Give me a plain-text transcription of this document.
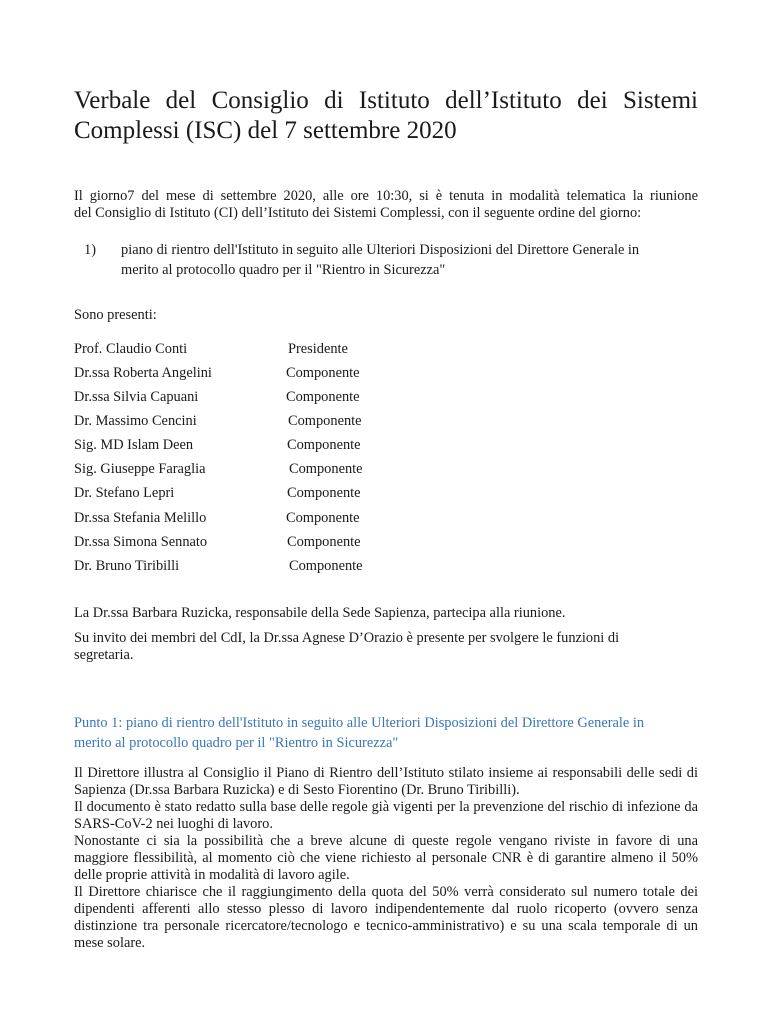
Verbale del Consiglio di Istituto dell’Istituto dei Sistemi
Complessi (ISC) del 7 settembre 2020
Il giorno7 del mese di settembre 2020, alle ore 10:30, si è tenuta in modalità telematica la riunione
del Consiglio di Istituto (CI) dell’Istituto dei Sistemi Complessi, con il seguente ordine del giorno:
1) piano di rientro dell'Istituto in seguito alle Ulteriori Disposizioni del Direttore Generale in
merito al protocollo quadro per il "Rientro in Sicurezza"
Sono presenti:
Prof. Claudio Conti	Presidente
Dr.ssa Roberta Angelini	Componente
Dr.ssa Silvia Capuani	Componente
Dr. Massimo Cencini	Componente
Sig. MD Islam Deen	Componente
Sig. Giuseppe Faraglia	Componente
Dr. Stefano Lepri	Componente
Dr.ssa Stefania Melillo	Componente
Dr.ssa Simona Sennato	Componente
Dr. Bruno Tiribilli	Componente
La Dr.ssa Barbara Ruzicka, responsabile della Sede Sapienza, partecipa alla riunione.
Su invito dei membri del CdI, la Dr.ssa Agnese D’Orazio è presente per svolgere le funzioni di
segretaria.
Punto 1: piano di rientro dell'Istituto in seguito alle Ulteriori Disposizioni del Direttore Generale in
merito al protocollo quadro per il "Rientro in Sicurezza"

Il Direttore illustra al Consiglio il Piano di Rientro dell’Istituto stilato insieme ai responsabili delle sedi di Sapienza (Dr.ssa Barbara Ruzicka) e di Sesto Fiorentino (Dr. Bruno Tiribilli).

Il documento è stato redatto sulla base delle regole già vigenti per la prevenzione del rischio di infezione da SARS-CoV-2 nei luoghi di lavoro.

Nonostante ci sia la possibilità che a breve alcune di queste regole vengano riviste in favore di una maggiore flessibilità, al momento ciò che viene richiesto al personale CNR è di garantire almeno il 50% delle proprie attività in modalità di lavoro agile.

Il Direttore chiarisce che il raggiungimento della quota del 50% verrà considerato sul numero totale dei dipendenti afferenti allo stesso plesso di lavoro indipendentemente dal ruolo ricoperto (ovvero senza distinzione tra personale ricercatore/tecnologo e tecnico-amministrativo) e su una scala temporale di un mese solare.
